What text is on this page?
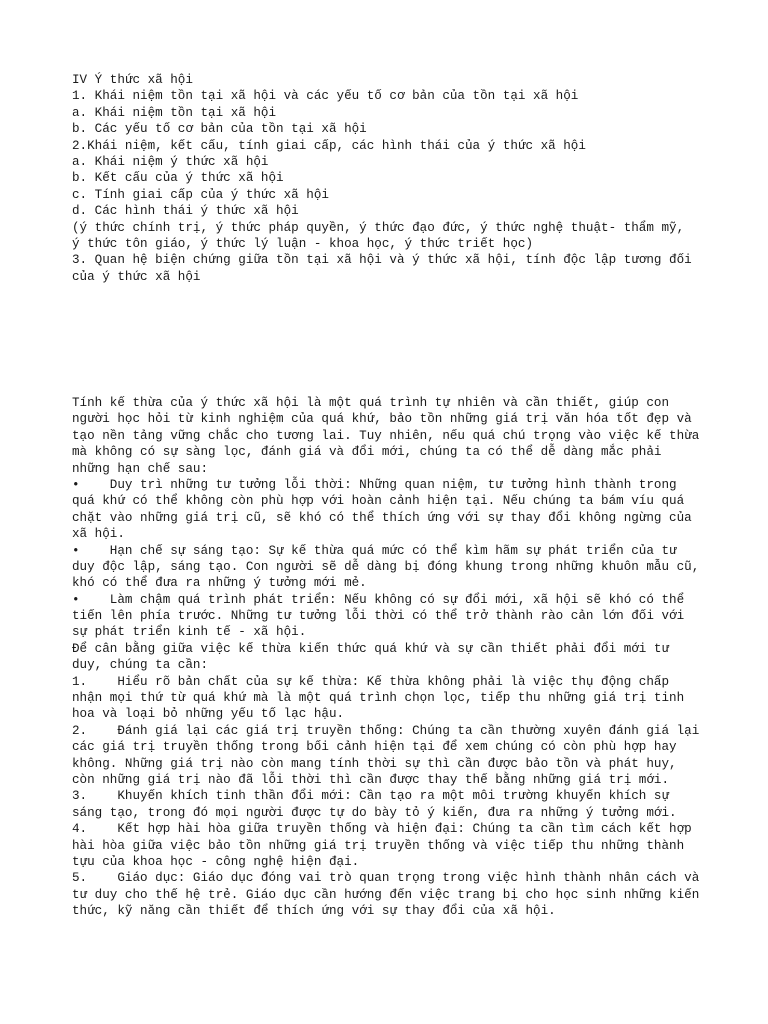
IV Ý thức xã hội
1. Khái niệm tồn tại xã hội và các yếu tố cơ bản của tồn tại xã hội
a. Khái niệm tồn tại xã hội
b. Các yếu tố cơ bản của tồn tại xã hội
2.Khái niệm, kết cấu, tính giai cấp, các hình thái của ý thức xã hội
a. Khái niệm ý thức xã hội
b. Kết cấu của ý thức xã hội
c. Tính giai cấp của ý thức xã hội
d. Các hình thái ý thức xã hội
(ý thức chính trị, ý thức pháp quyền, ý thức đạo đức, ý thức nghệ thuật- thẩm mỹ,
ý thức tôn giáo, ý thức lý luận - khoa học, ý thức triết học)
3. Quan hệ biện chứng giữa tồn tại xã hội và ý thức xã hội, tính độc lập tương đối
của ý thức xã hội
Tính kế thừa của ý thức xã hội là một quá trình tự nhiên và cần thiết, giúp con
người học hỏi từ kinh nghiệm của quá khứ, bảo tồn những giá trị văn hóa tốt đẹp và
tạo nền tảng vững chắc cho tương lai. Tuy nhiên, nếu quá chú trọng vào việc kế thừa
mà không có sự sàng lọc, đánh giá và đổi mới, chúng ta có thể dễ dàng mắc phải
những hạn chế sau:
•    Duy trì những tư tưởng lỗi thời: Những quan niệm, tư tưởng hình thành trong
quá khứ có thể không còn phù hợp với hoàn cảnh hiện tại. Nếu chúng ta bám víu quá
chặt vào những giá trị cũ, sẽ khó có thể thích ứng với sự thay đổi không ngừng của
xã hội.
•    Hạn chế sự sáng tạo: Sự kế thừa quá mức có thể kìm hãm sự phát triển của tư
duy độc lập, sáng tạo. Con người sẽ dễ dàng bị đóng khung trong những khuôn mẫu cũ,
khó có thể đưa ra những ý tưởng mới mẻ.
•    Làm chậm quá trình phát triển: Nếu không có sự đổi mới, xã hội sẽ khó có thể
tiến lên phía trước. Những tư tưởng lỗi thời có thể trở thành rào cản lớn đối với
sự phát triển kinh tế - xã hội.
Để cân bằng giữa việc kế thừa kiến thức quá khứ và sự cần thiết phải đổi mới tư
duy, chúng ta cần:
1.    Hiểu rõ bản chất của sự kế thừa: Kế thừa không phải là việc thụ động chấp
nhận mọi thứ từ quá khứ mà là một quá trình chọn lọc, tiếp thu những giá trị tinh
hoa và loại bỏ những yếu tố lạc hậu.
2.    Đánh giá lại các giá trị truyền thống: Chúng ta cần thường xuyên đánh giá lại
các giá trị truyền thống trong bối cảnh hiện tại để xem chúng có còn phù hợp hay
không. Những giá trị nào còn mang tính thời sự thì cần được bảo tồn và phát huy,
còn những giá trị nào đã lỗi thời thì cần được thay thế bằng những giá trị mới.
3.    Khuyến khích tinh thần đổi mới: Cần tạo ra một môi trường khuyến khích sự
sáng tạo, trong đó mọi người được tự do bày tỏ ý kiến, đưa ra những ý tưởng mới.
4.    Kết hợp hài hòa giữa truyền thống và hiện đại: Chúng ta cần tìm cách kết hợp
hài hòa giữa việc bảo tồn những giá trị truyền thống và việc tiếp thu những thành
tựu của khoa học - công nghệ hiện đại.
5.    Giáo dục: Giáo dục đóng vai trò quan trọng trong việc hình thành nhân cách và
tư duy cho thế hệ trẻ. Giáo dục cần hướng đến việc trang bị cho học sinh những kiến
thức, kỹ năng cần thiết để thích ứng với sự thay đổi của xã hội.
